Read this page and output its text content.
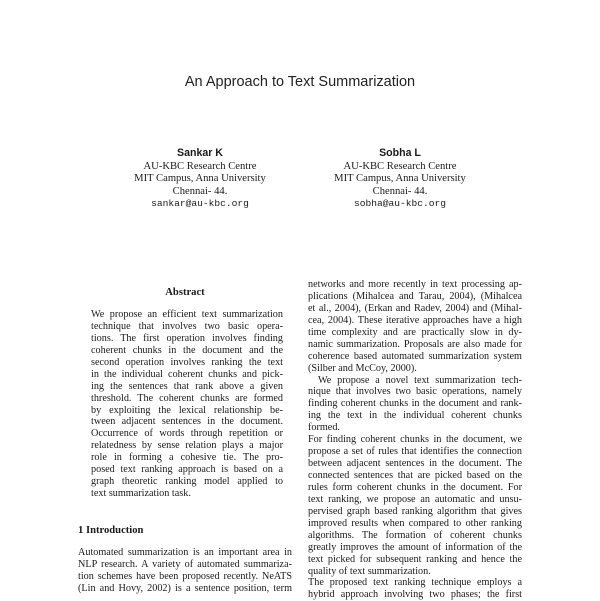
An Approach to Text Summarization
Sankar K
AU-KBC Research Centre
MIT Campus, Anna University
Chennai- 44.
sankar@au-kbc.org
Sobha L
AU-KBC Research Centre
MIT Campus, Anna University
Chennai- 44.
sobha@au-kbc.org
Abstract

We propose an efficient text summarization
technique that involves two basic opera-
tions. The first operation involves finding
coherent chunks in the document and the
second operation involves ranking the text
in the individual coherent chunks and pick-
ing the sentences that rank above a given
threshold. The coherent chunks are formed
by exploiting the lexical relationship be-
tween adjacent sentences in the document.
Occurrence of words through repetition or
relatedness by sense relation plays a major
role in forming a cohesive tie. The pro-
posed text ranking approach is based on a
graph theoretic ranking model applied to
text summarization task.

1 Introduction

Automated summarization is an important area in
NLP research. A variety of automated summariza-
tion schemes have been proposed recently. NeATS
(Lin and Hovy, 2002) is a sentence position, term

networks and more recently in text processing ap-
plications (Mihalcea and Tarau, 2004), (Mihalcea
et al., 2004), (Erkan and Radev, 2004) and (Mihal-
cea, 2004). These iterative approaches have a high
time complexity and are practically slow in dy-
namic summarization. Proposals are also made for
coherence based automated summarization system
(Silber and McCoy, 2000).

We propose a novel text summarization tech-
nique that involves two basic operations, namely
finding coherent chunks in the document and rank-
ing the text in the individual coherent chunks
formed.

For finding coherent chunks in the document, we
propose a set of rules that identifies the connection
between adjacent sentences in the document. The
connected sentences that are picked based on the
rules form coherent chunks in the document. For
text ranking, we propose an automatic and unsu-
pervised graph based ranking algorithm that gives
improved results when compared to other ranking
algorithms. The formation of coherent chunks
greatly improves the amount of information of the
text picked for subsequent ranking and hence the
quality of text summarization.

The proposed text ranking technique employs a
hybrid approach involving two phases; the first
